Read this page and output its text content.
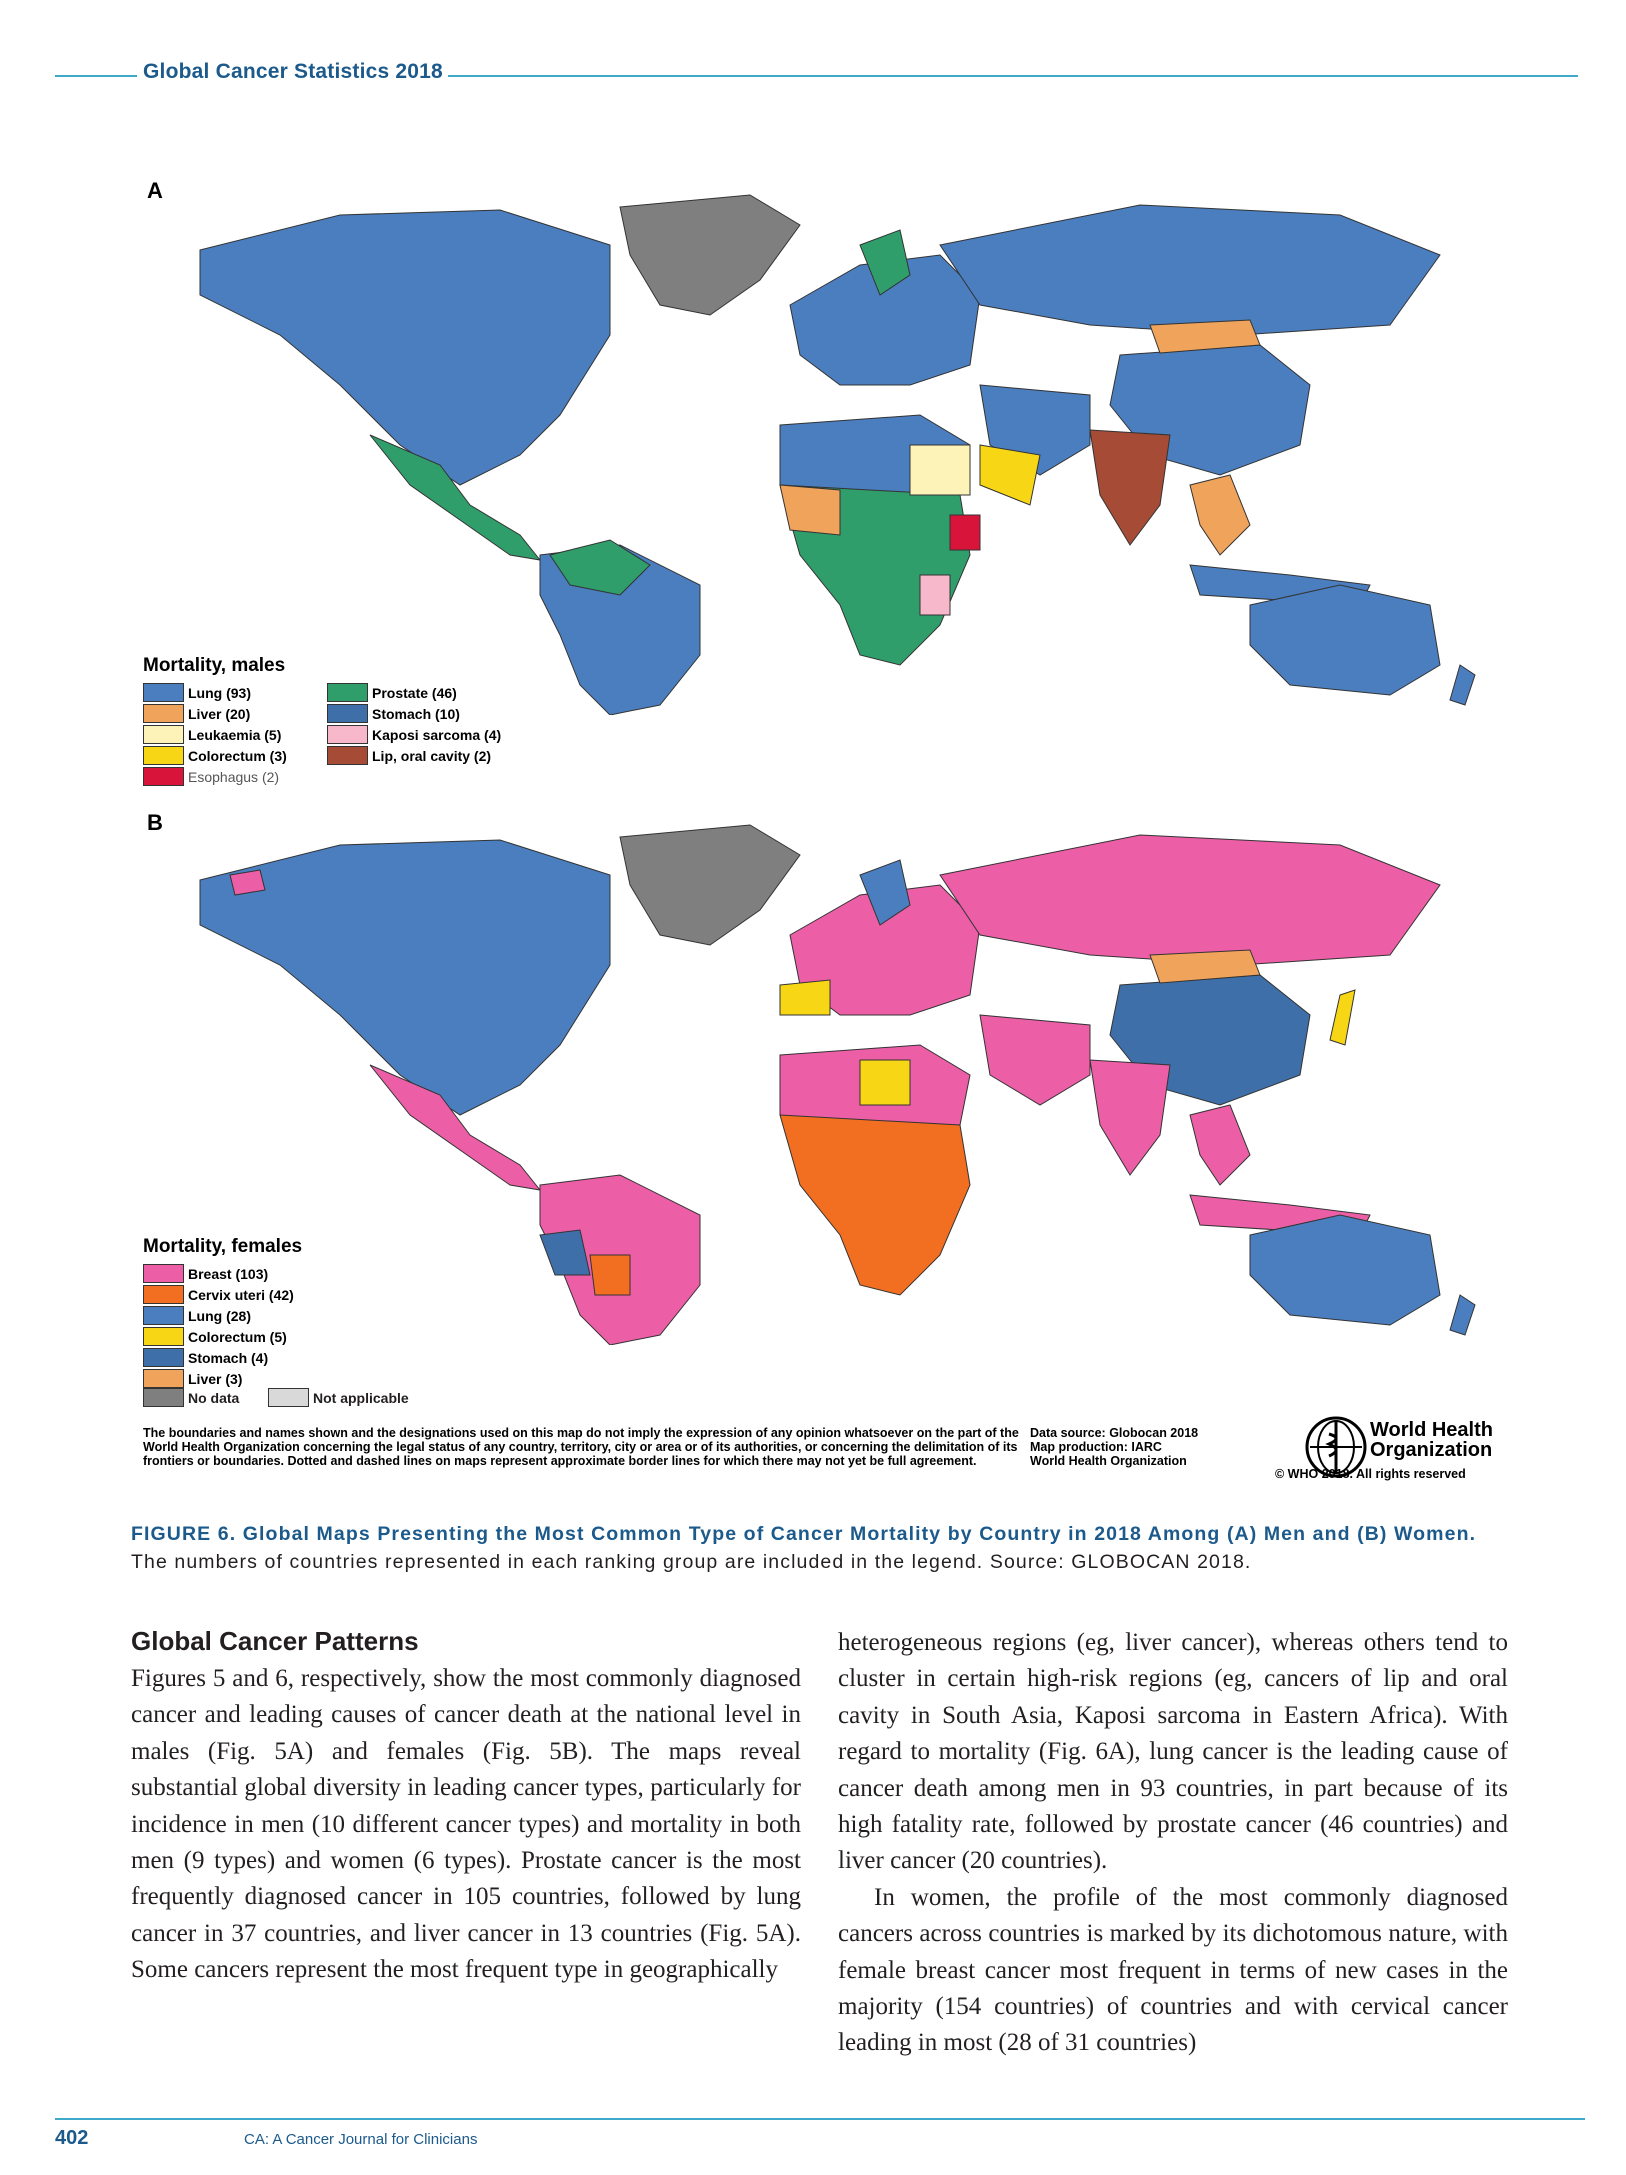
Global Cancer Statistics 2018
A
Mortality, males
Lung (93)
Liver (20)
Leukaemia (5)
Colorectum (3)
Esophagus (2)
Prostate (46)
Stomach (10)
Kaposi sarcoma (4)
Lip, oral cavity (2)
B
Mortality, females
Breast (103)
Cervix uteri (42)
Lung (28)
Colorectum (5)
Stomach (4)
Liver (3)
No data	Not applicable
The boundaries and names shown and the designations used on this map do not imply the expression of any opinion whatsoever on the part of the World Health Organization concerning the legal status of any country, territory, city or area or of its authorities, or concerning the delimitation of its frontiers or boundaries. Dotted and dashed lines on maps represent approximate border lines for which there may not yet be full agreement.
Data source: Globocan 2018
Map production: IARC
World Health Organization
World Health
Organization
© WHO 2018. All rights reserved
FIGURE 6. Global Maps Presenting the Most Common Type of Cancer Mortality by Country in 2018 Among (A) Men and (B) Women. The numbers of countries represented in each ranking group are included in the legend. Source: GLOBOCAN 2018.
Global Cancer Patterns

Figures 5 and 6, respectively, show the most commonly diagnosed cancer and leading causes of cancer death at the national level in males (Fig. 5A) and females (Fig. 5B). The maps reveal substantial global diversity in leading cancer types, particularly for incidence in men (10 different cancer types) and mortality in both men (9 types) and women (6 types). Prostate cancer is the most frequently diagnosed cancer in 105 countries, followed by lung cancer in 37 countries, and liver cancer in 13 countries (Fig. 5A). Some cancers represent the most frequent type in geographically

heterogeneous regions (eg, liver cancer), whereas others tend to cluster in certain high-risk regions (eg, cancers of lip and oral cavity in South Asia, Kaposi sarcoma in Eastern Africa). With regard to mortality (Fig. 6A), lung cancer is the leading cause of cancer death among men in 93 countries, in part because of its high fatality rate, followed by prostate cancer (46 countries) and liver cancer (20 countries).

In women, the profile of the most commonly diagnosed cancers across countries is marked by its dichotomous nature, with female breast cancer most frequent in terms of new cases in the majority (154 countries) of countries and with cervical cancer leading in most (28 of 31 countries)

402	CA: A Cancer Journal for Clinicians
